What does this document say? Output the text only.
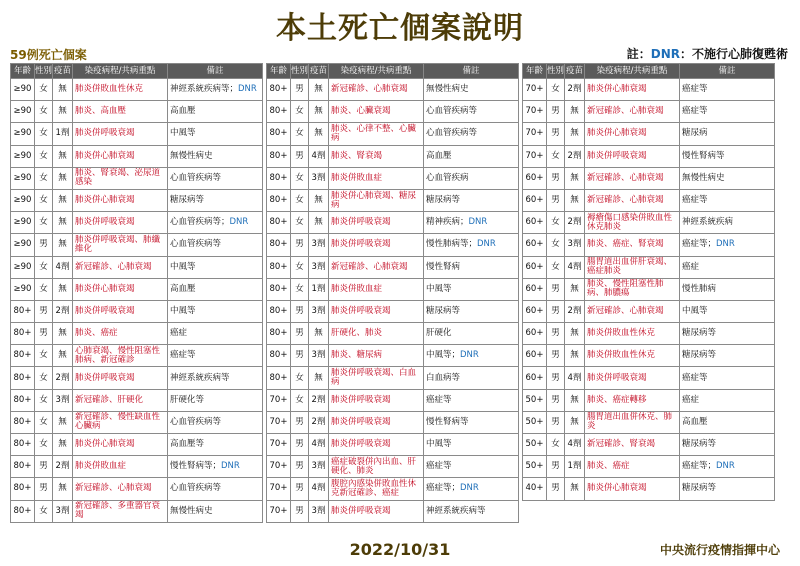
本土死亡個案說明
59例死亡個案	註：DNR：不施行心肺復甦術
年齡	性別	疫苗	染疫病程/共病重點	備註
≥90	女	無	肺炎併敗血性休克	神經系統疾病等；DNR
≥90	女	無	肺炎、高血壓	高血壓
≥90	女	1劑	肺炎併呼吸衰竭	中風等
≥90	女	無	肺炎併心肺衰竭	無慢性病史
≥90	女	無	肺炎、腎衰竭、泌尿道感染	心血管疾病等
≥90	女	無	肺炎併心肺衰竭	糖尿病等
≥90	女	無	肺炎併呼吸衰竭	心血管疾病等；DNR
≥90	男	無	肺炎併呼吸衰竭、肺纖維化	心血管疾病等
≥90	女	4劑	新冠確診、心肺衰竭	中風等
≥90	女	無	肺炎併心肺衰竭	高血壓
80+	男	2劑	肺炎併呼吸衰竭	中風等
80+	男	無	肺炎、癌症	癌症
80+	女	無	心肺衰竭、慢性阻塞性肺病、新冠確診	癌症等
80+	女	2劑	肺炎併呼吸衰竭	神經系統疾病等
80+	女	3劑	新冠確診、肝硬化	肝硬化等
80+	女	無	新冠確診、慢性缺血性心臟病	心血管疾病等
80+	女	無	肺炎併心肺衰竭	高血壓等
80+	男	2劑	肺炎併敗血症	慢性腎病等；DNR
80+	男	無	新冠確診、心肺衰竭	心血管疾病等
80+	女	3劑	新冠確診、多重器官衰竭	無慢性病史
年齡	性別	疫苗	染疫病程/共病重點	備註
80+	男	無	新冠確診、心肺衰竭	無慢性病史
80+	女	無	肺炎、心臟衰竭	心血管疾病等
80+	女	無	肺炎、心律不整、心臟病	心血管疾病等
80+	男	4劑	肺炎、腎衰竭	高血壓
80+	女	3劑	肺炎併敗血症	心血管疾病
80+	女	無	肺炎併心肺衰竭、糖尿病	糖尿病等
80+	女	無	肺炎併呼吸衰竭	精神疾病；DNR
80+	男	3劑	肺炎併呼吸衰竭	慢性肺病等；DNR
80+	女	3劑	新冠確診、心肺衰竭	慢性腎病
80+	女	1劑	肺炎併敗血症	中風等
80+	男	3劑	肺炎併呼吸衰竭	糖尿病等
80+	男	無	肝硬化、肺炎	肝硬化
80+	男	3劑	肺炎、糖尿病	中風等；DNR
80+	女	無	肺炎併呼吸衰竭、白血病	白血病等
70+	女	2劑	肺炎併呼吸衰竭	癌症等
70+	男	2劑	肺炎併呼吸衰竭	慢性腎病等
70+	男	4劑	肺炎併呼吸衰竭	中風等
70+	男	3劑	癌症破裂併內出血、肝硬化、肺炎	癌症等
70+	男	4劑	腹腔內感染併敗血性休克新冠確診、癌症	癌症等；DNR
70+	男	3劑	肺炎併呼吸衰竭	神經系統疾病等
年齡	性別	疫苗	染疫病程/共病重點	備註
70+	女	2劑	肺炎併心肺衰竭	癌症等
70+	男	無	新冠確診、心肺衰竭	癌症等
70+	男	無	肺炎併心肺衰竭	糖尿病
70+	女	2劑	肺炎併呼吸衰竭	慢性腎病等
60+	男	無	新冠確診、心肺衰竭	無慢性病史
60+	男	無	新冠確診、心肺衰竭	癌症等
60+	女	2劑	褥瘡傷口感染併敗血性休克肺炎	神經系統疾病
60+	女	3劑	肺炎、癌症、腎衰竭	癌症等；DNR
60+	女	4劑	腸胃道出血併肝衰竭、癌症肺炎	癌症
60+	男	無	肺炎、慢性阻塞性肺病、肺膿瘍	慢性肺病
60+	男	2劑	新冠確診、心肺衰竭	中風等
60+	男	無	肺炎併敗血性休克	糖尿病等
60+	男	無	肺炎併敗血性休克	糖尿病等
60+	男	4劑	肺炎併呼吸衰竭	癌症等
50+	男	無	肺炎、癌症轉移	癌症
50+	男	無	腸胃道出血併休克、肺炎	高血壓
50+	女	4劑	新冠確診、腎衰竭	糖尿病等
50+	男	1劑	肺炎、癌症	癌症等；DNR
40+	男	無	肺炎併心肺衰竭	糖尿病等
2022/10/31	中央流行疫情指揮中心
